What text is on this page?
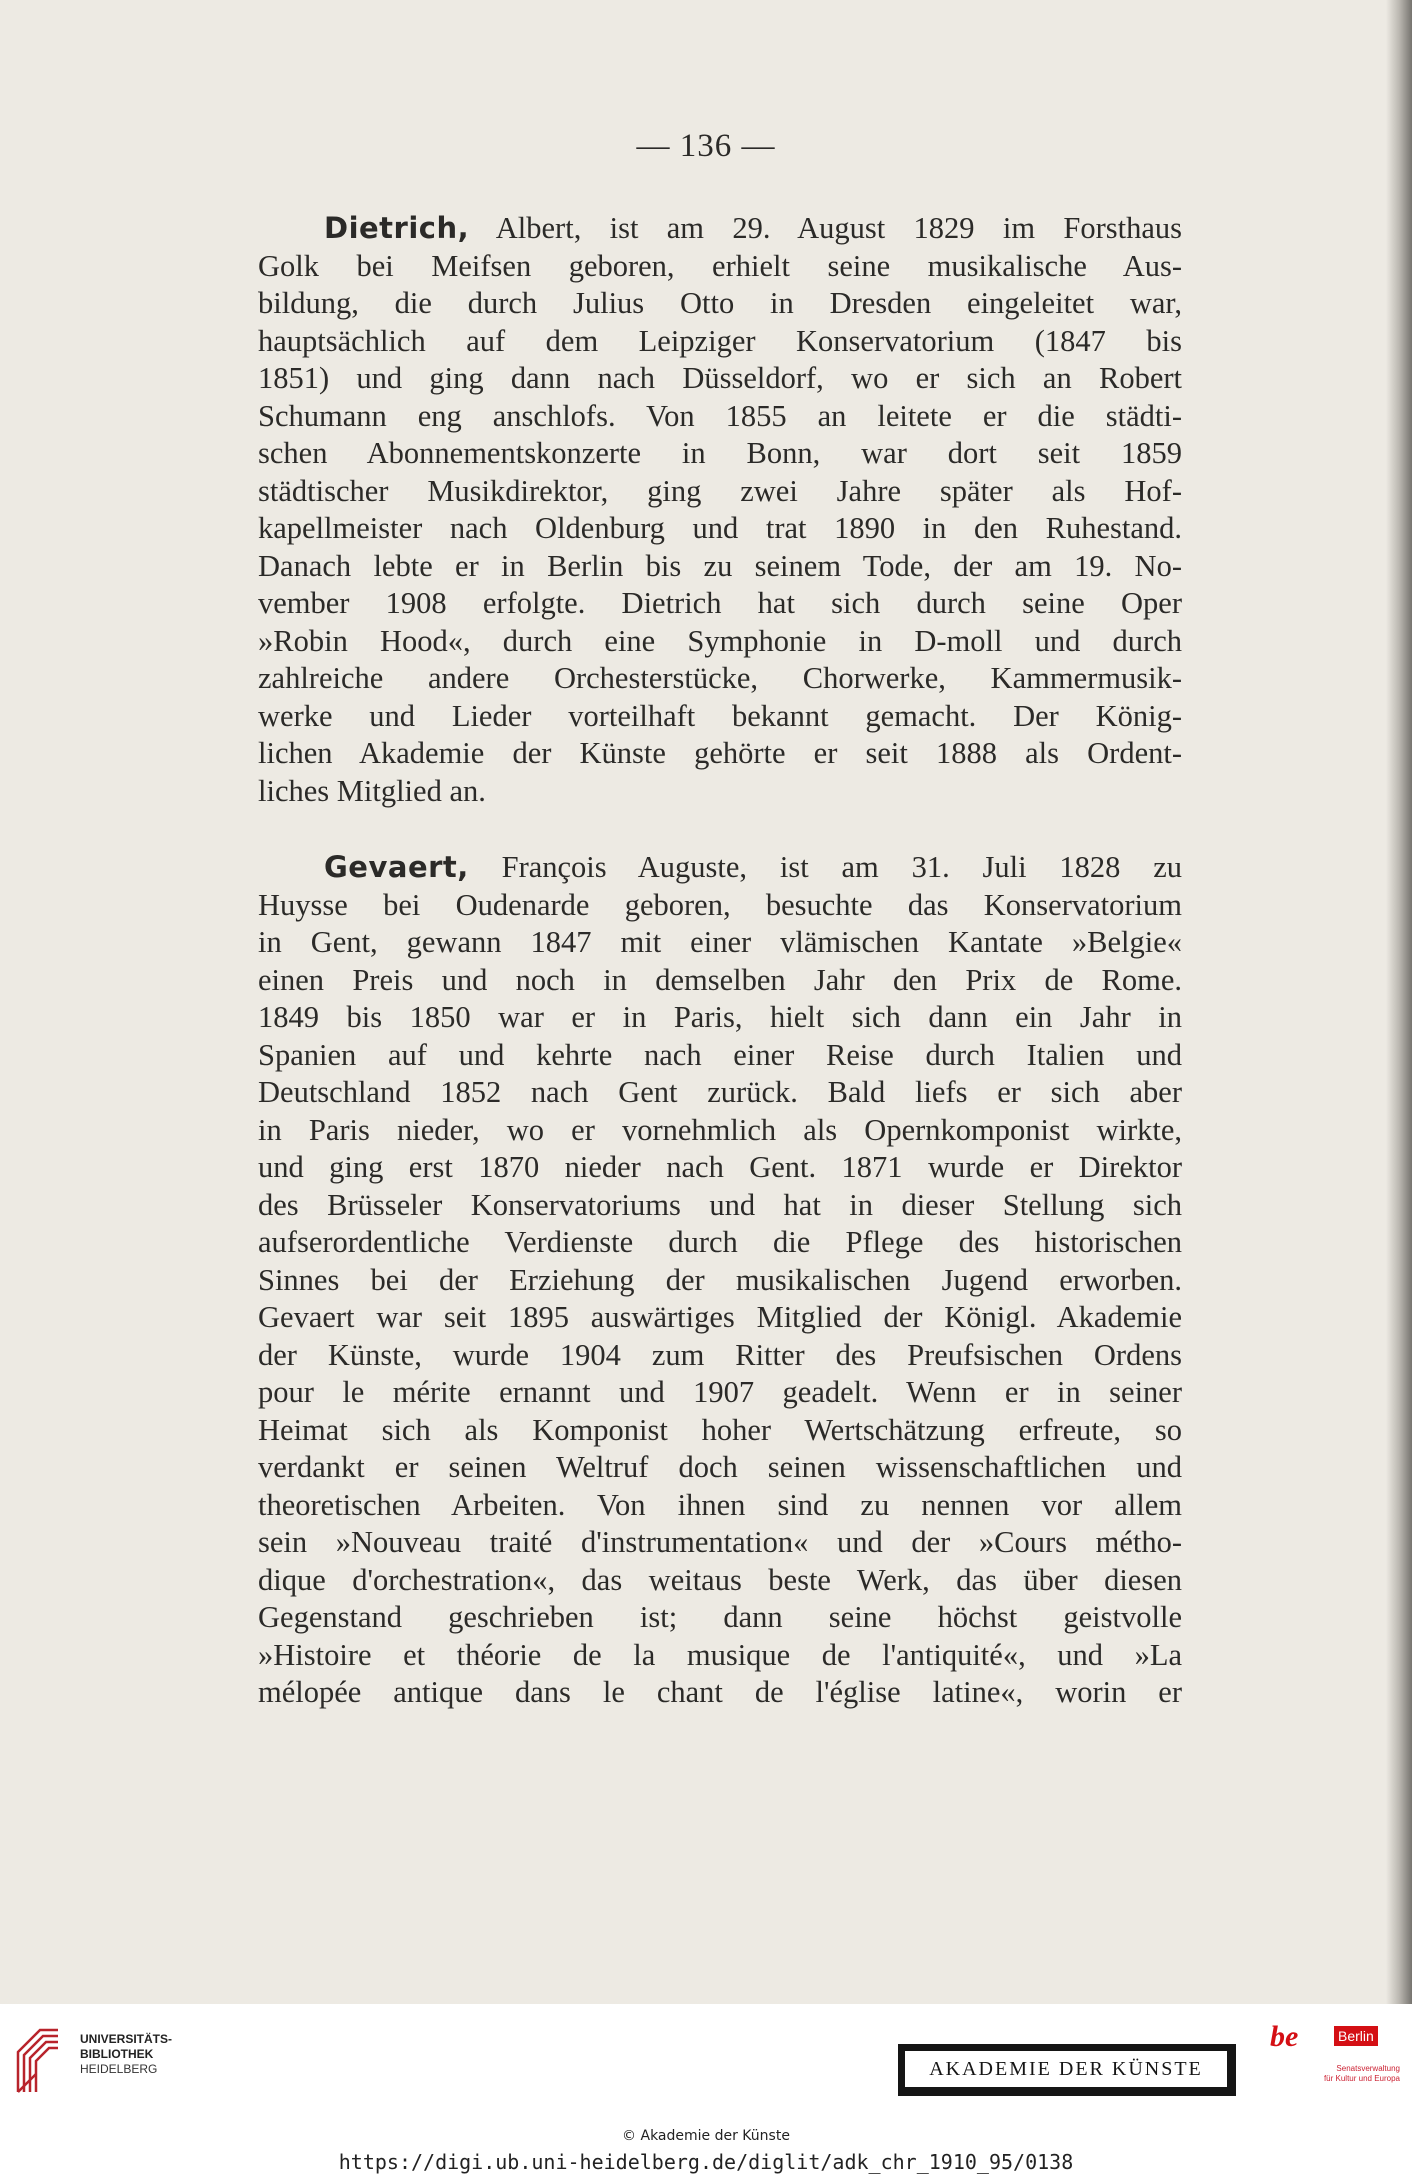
— 136 —
Dietrich, Albert, ist am 29. August 1829 im Forsthaus
Golk bei Meifsen geboren, erhielt seine musikalische Aus-
bildung, die durch Julius Otto in Dresden eingeleitet war,
hauptsächlich auf dem Leipziger Konservatorium (1847 bis
1851) und ging dann nach Düsseldorf, wo er sich an Robert
Schumann eng anschlofs. Von 1855 an leitete er die städti-
schen Abonnementskonzerte in Bonn, war dort seit 1859
städtischer Musikdirektor, ging zwei Jahre später als Hof-
kapellmeister nach Oldenburg und trat 1890 in den Ruhestand.
Danach lebte er in Berlin bis zu seinem Tode, der am 19. No-
vember 1908 erfolgte. Dietrich hat sich durch seine Oper
»Robin Hood«, durch eine Symphonie in D-moll und durch
zahlreiche andere Orchesterstücke, Chorwerke, Kammermusik-
werke und Lieder vorteilhaft bekannt gemacht. Der König-
lichen Akademie der Künste gehörte er seit 1888 als Ordent-
liches Mitglied an.
Gevaert, François Auguste, ist am 31. Juli 1828 zu
Huysse bei Oudenarde geboren, besuchte das Konservatorium
in Gent, gewann 1847 mit einer vlämischen Kantate »Belgie«
einen Preis und noch in demselben Jahr den Prix de Rome.
1849 bis 1850 war er in Paris, hielt sich dann ein Jahr in
Spanien auf und kehrte nach einer Reise durch Italien und
Deutschland 1852 nach Gent zurück. Bald liefs er sich aber
in Paris nieder, wo er vornehmlich als Opernkomponist wirkte,
und ging erst 1870 nieder nach Gent. 1871 wurde er Direktor
des Brüsseler Konservatoriums und hat in dieser Stellung sich
aufserordentliche Verdienste durch die Pflege des historischen
Sinnes bei der Erziehung der musikalischen Jugend erworben.
Gevaert war seit 1895 auswärtiges Mitglied der Königl. Akademie
der Künste, wurde 1904 zum Ritter des Preufsischen Ordens
pour le mérite ernannt und 1907 geadelt. Wenn er in seiner
Heimat sich als Komponist hoher Wertschätzung erfreute, so
verdankt er seinen Weltruf doch seinen wissenschaftlichen und
theoretischen Arbeiten. Von ihnen sind zu nennen vor allem
sein »Nouveau traité d'instrumentation« und der »Cours métho-
dique d'orchestration«, das weitaus beste Werk, das über diesen
Gegenstand geschrieben ist; dann seine höchst geistvolle
»Histoire et théorie de la musique de l'antiquité«, und »La
mélopée antique dans le chant de l'église latine«, worin er
UNIVERSITÄTS-
BIBLIOTHEK
HEIDELBERG	AKADEMIE DER KÜNSTE
be	Berlin
Senatsverwaltung
für Kultur und Europa
© Akademie der Künste
https://digi.ub.uni-heidelberg.de/diglit/adk_chr_1910_95/0138
